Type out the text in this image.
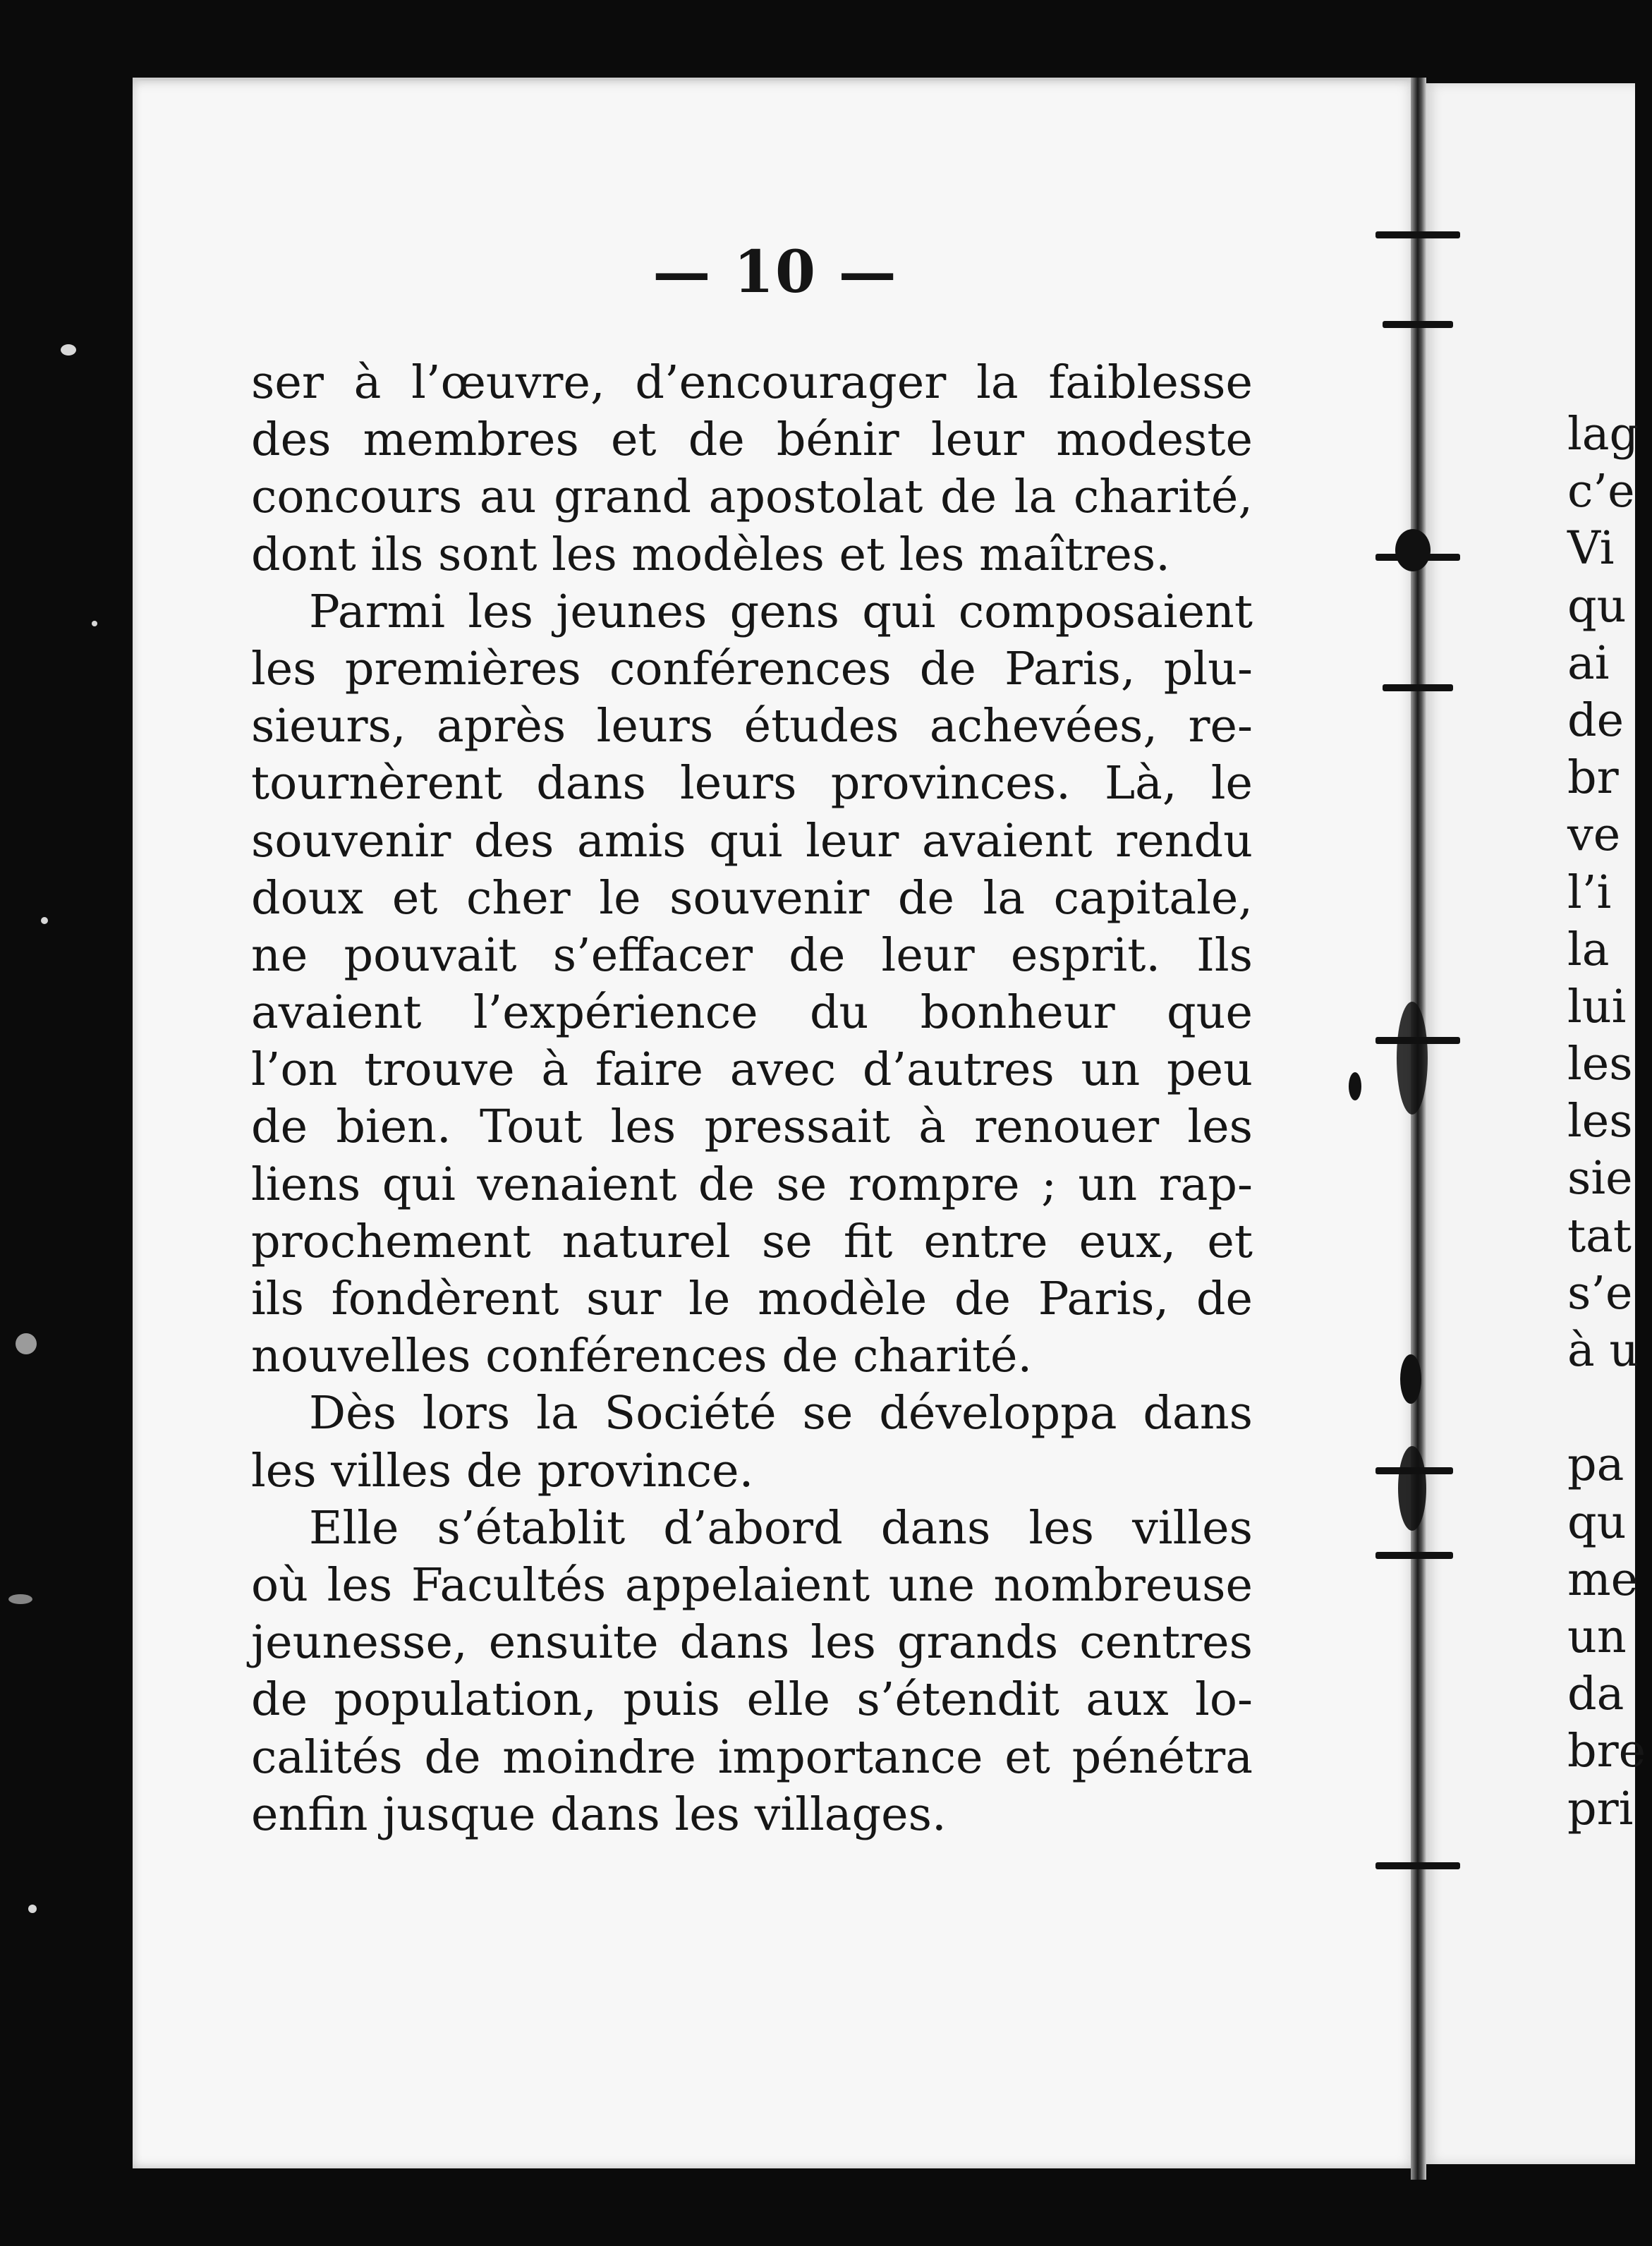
— 10 —

ser à l’œuvre, d’encourager la faiblesse
des membres et de bénir leur modeste
concours au grand apostolat de la charité,
dont ils sont les modèles et les maîtres.
Parmi les jeunes gens qui composaient
les premières conférences de Paris, plu-
sieurs, après leurs études achevées, re-
tournèrent dans leurs provinces. Là, le
souvenir des amis qui leur avaient rendu
doux et cher le souvenir de la capitale,
ne pouvait s’effacer de leur esprit. Ils
avaient l’expérience du bonheur que
l’on trouve à faire avec d’autres un peu
de bien. Tout les pressait à renouer les
liens qui venaient de se rompre ; un rap-
prochement naturel se fit entre eux, et
ils fondèrent sur le modèle de Paris, de
nouvelles conférences de charité.
Dès lors la Société se développa dans
les villes de province.
Elle s’établit d’abord dans les villes
où les Facultés appelaient une nombreuse
jeunesse, ensuite dans les grands centres
de population, puis elle s’étendit aux lo-
calités de moindre importance et pénétra
enfin jusque dans les villages.
lag
c’e
Vi
qu
ai
de
br
ve
l’i
la
lui
les
les
sie
tat
s’e
à u
pa
qu
me
un
da
bre
pri
